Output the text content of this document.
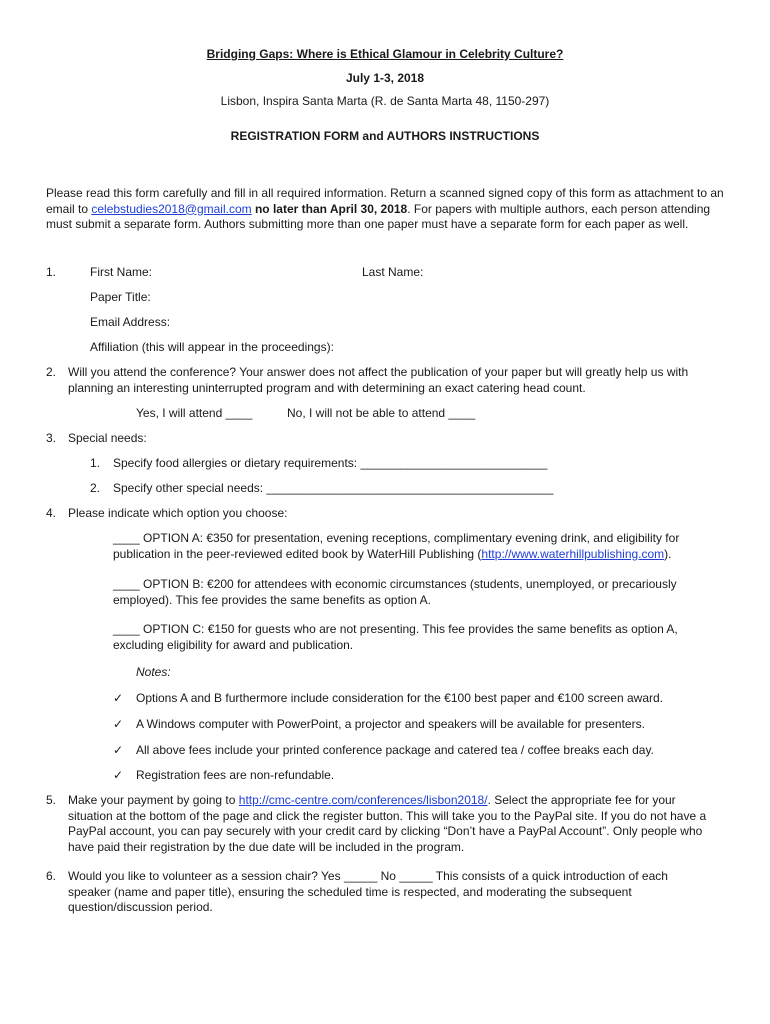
Bridging Gaps: Where is Ethical Glamour in Celebrity Culture?
July 1-3, 2018
Lisbon, Inspira Santa Marta (R. de Santa Marta 48, 1150-297)
REGISTRATION FORM and AUTHORS INSTRUCTIONS
Please read this form carefully and fill in all required information. Return a scanned signed copy of this form as attachment to an email to celebstudies2018@gmail.com no later than April 30, 2018. For papers with multiple authors, each person attending must submit a separate form. Authors submitting more than one paper must have a separate form for each paper as well.
1.	First Name:	Last Name:
Paper Title:
Email Address:
Affiliation (this will appear in the proceedings):
2. Will you attend the conference? Your answer does not affect the publication of your paper but will greatly help us with planning an interesting uninterrupted program and with determining an exact catering head count.
Yes, I will attend ____	No, I will not be able to attend ____
3. Special needs:
1. Specify food allergies or dietary requirements: ____________________________
2. Specify other special needs: ___________________________________________
4. Please indicate which option you choose:
____ OPTION A: €350 for presentation, evening receptions, complimentary evening drink, and eligibility for publication in the peer-reviewed edited book by WaterHill Publishing (http://www.waterhillpublishing.com).
____ OPTION B: €200 for attendees with economic circumstances (students, unemployed, or precariously employed). This fee provides the same benefits as option A.
____ OPTION C: €150 for guests who are not presenting. This fee provides the same benefits as option A, excluding eligibility for award and publication.
Notes:
✓ Options A and B furthermore include consideration for the €100 best paper and €100 screen award.
✓ A Windows computer with PowerPoint, a projector and speakers will be available for presenters.
✓ All above fees include your printed conference package and catered tea / coffee breaks each day.
✓ Registration fees are non-refundable.
5. Make your payment by going to http://cmc-centre.com/conferences/lisbon2018/. Select the appropriate fee for your situation at the bottom of the page and click the register button. This will take you to the PayPal site. If you do not have a PayPal account, you can pay securely with your credit card by clicking “Don’t have a PayPal Account”. Only people who have paid their registration by the due date will be included in the program.
6. Would you like to volunteer as a session chair? Yes _____ No _____ This consists of a quick introduction of each speaker (name and paper title), ensuring the scheduled time is respected, and moderating the subsequent question/discussion period.
